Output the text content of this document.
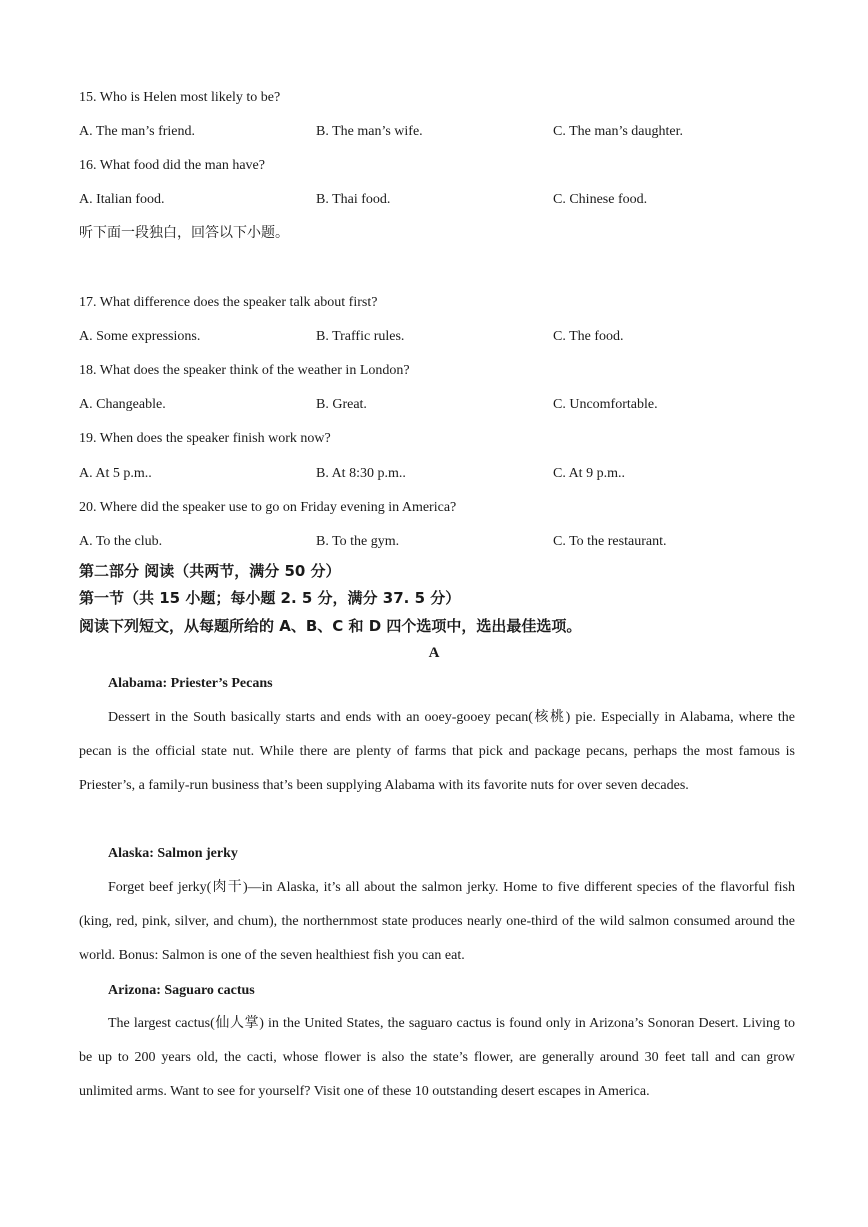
15. Who is Helen most likely to be?
A. The man’s friend.	B. The man’s wife.	C. The man’s daughter.
16. What food did the man have?
A. Italian food.	B. Thai food.	C. Chinese food.
听下面一段独白，回答以下小题。
17. What difference does the speaker talk about first?
A. Some expressions.	B. Traffic rules.	C. The food.
18. What does the speaker think of the weather in London?
A. Changeable.	B. Great.	C. Uncomfortable.
19. When does the speaker finish work now?
A. At 5 p.m..	B. At 8:30 p.m..	C. At 9 p.m..
20. Where did the speaker use to go on Friday evening in America?
A. To the club.	B. To the gym.	C. To the restaurant.
第二部分 阅读（共两节，满分 50 分）
第一节（共 15 小题；每小题 2. 5 分，满分 37. 5 分）
阅读下列短文，从每题所给的 A、B、C 和 D 四个选项中，选出最佳选项。
A
Alabama: Priester’s Pecans
Dessert in the South basically starts and ends with an ooey-gooey pecan(核桃) pie. Especially in Alabama, where the pecan is the official state nut. While there are plenty of farms that pick and package pecans, perhaps the most famous is Priester’s, a family-run business that’s been supplying Alabama with its favorite nuts for over seven decades.
Alaska: Salmon jerky
Forget beef jerky(肉干)—in Alaska, it’s all about the salmon jerky. Home to five different species of the flavorful fish (king, red, pink, silver, and chum), the northernmost state produces nearly one-third of the wild salmon consumed around the world. Bonus: Salmon is one of the seven healthiest fish you can eat.
Arizona: Saguaro cactus
The largest cactus(仙人掌) in the United States, the saguaro cactus is found only in Arizona’s Sonoran Desert. Living to be up to 200 years old, the cacti, whose flower is also the state’s flower, are generally around 30 feet tall and can grow unlimited arms. Want to see for yourself? Visit one of these 10 outstanding desert escapes in America.
